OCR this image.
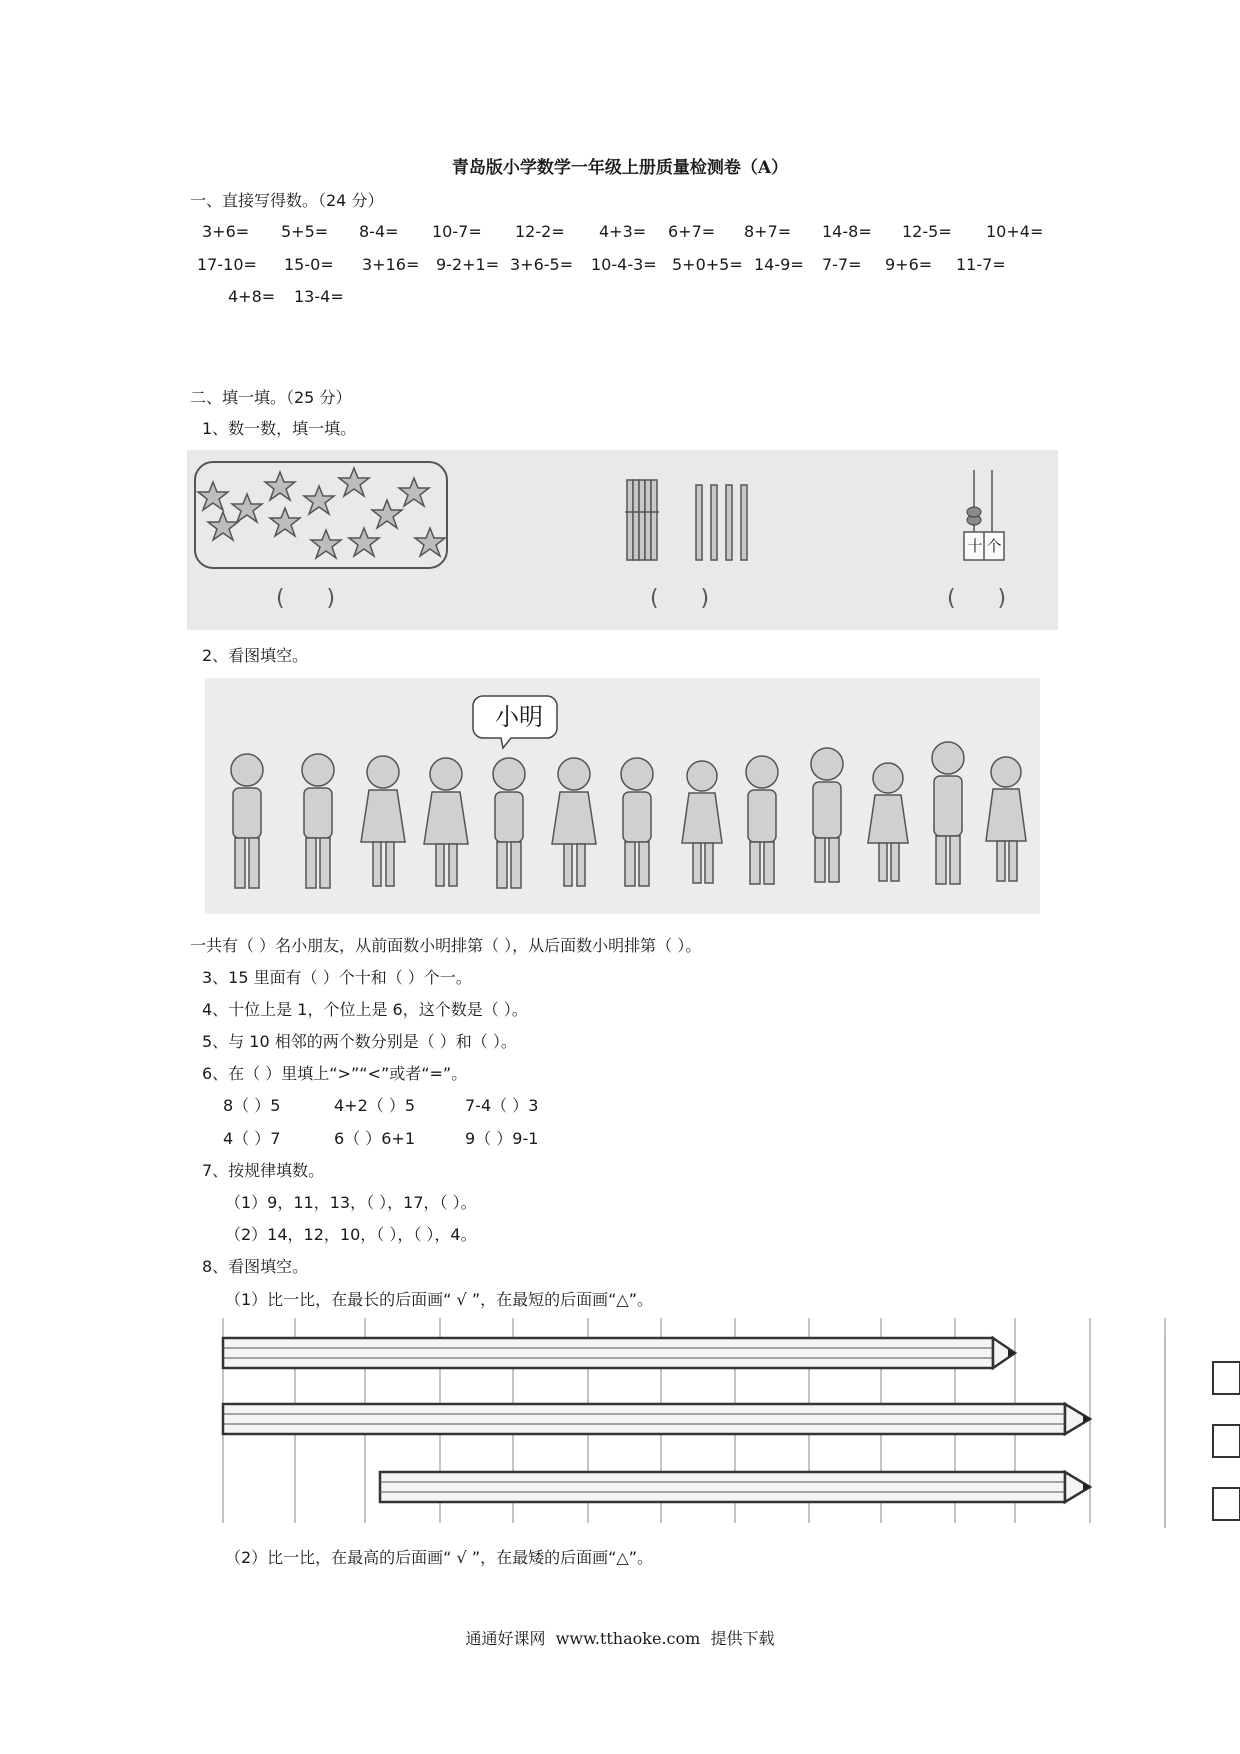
青岛版小学数学一年级上册质量检测卷（A）
一、直接写得数。（24 分）
3+6= 5+5= 8-4= 10-7= 12-2= 4+3= 6+7= 8+7= 14-8= 12-5= 10+4=
17-10= 15-0= 3+16= 9-2+1= 3+6-5= 10-4-3= 5+0+5= 14-9= 7-7= 9+6= 11-7=
4+8= 13-4=
二、填一填。（25 分）
1、数一数，填一填。
十 个
(      )	(      )	(      )
2、看图填空。
小明
一共有（ ）名小朋友，从前面数小明排第（ ），从后面数小明排第（ ）。
3、15 里面有（ ）个十和（ ）个一。
4、十位上是 1，个位上是 6，这个数是（ ）。
5、与 10 相邻的两个数分别是（ ）和（ ）。
6、在（ ）里填上“>”“<”或者“=”。
8（ ）5	4+2（ ）5	7-4（ ）3
4（ ）7	6（ ）6+1	9（ ）9-1
7、按规律填数。
（1）9，11，13，（ ），17，（ ）。
（2）14，12，10，（ ），（ ），4。
8、看图填空。
（1）比一比，在最长的后面画“ √ ”，在最短的后面画“△”。
（2）比一比，在最高的后面画“ √ ”，在最矮的后面画“△”。
通通好课网  www.tthaoke.com  提供下载
